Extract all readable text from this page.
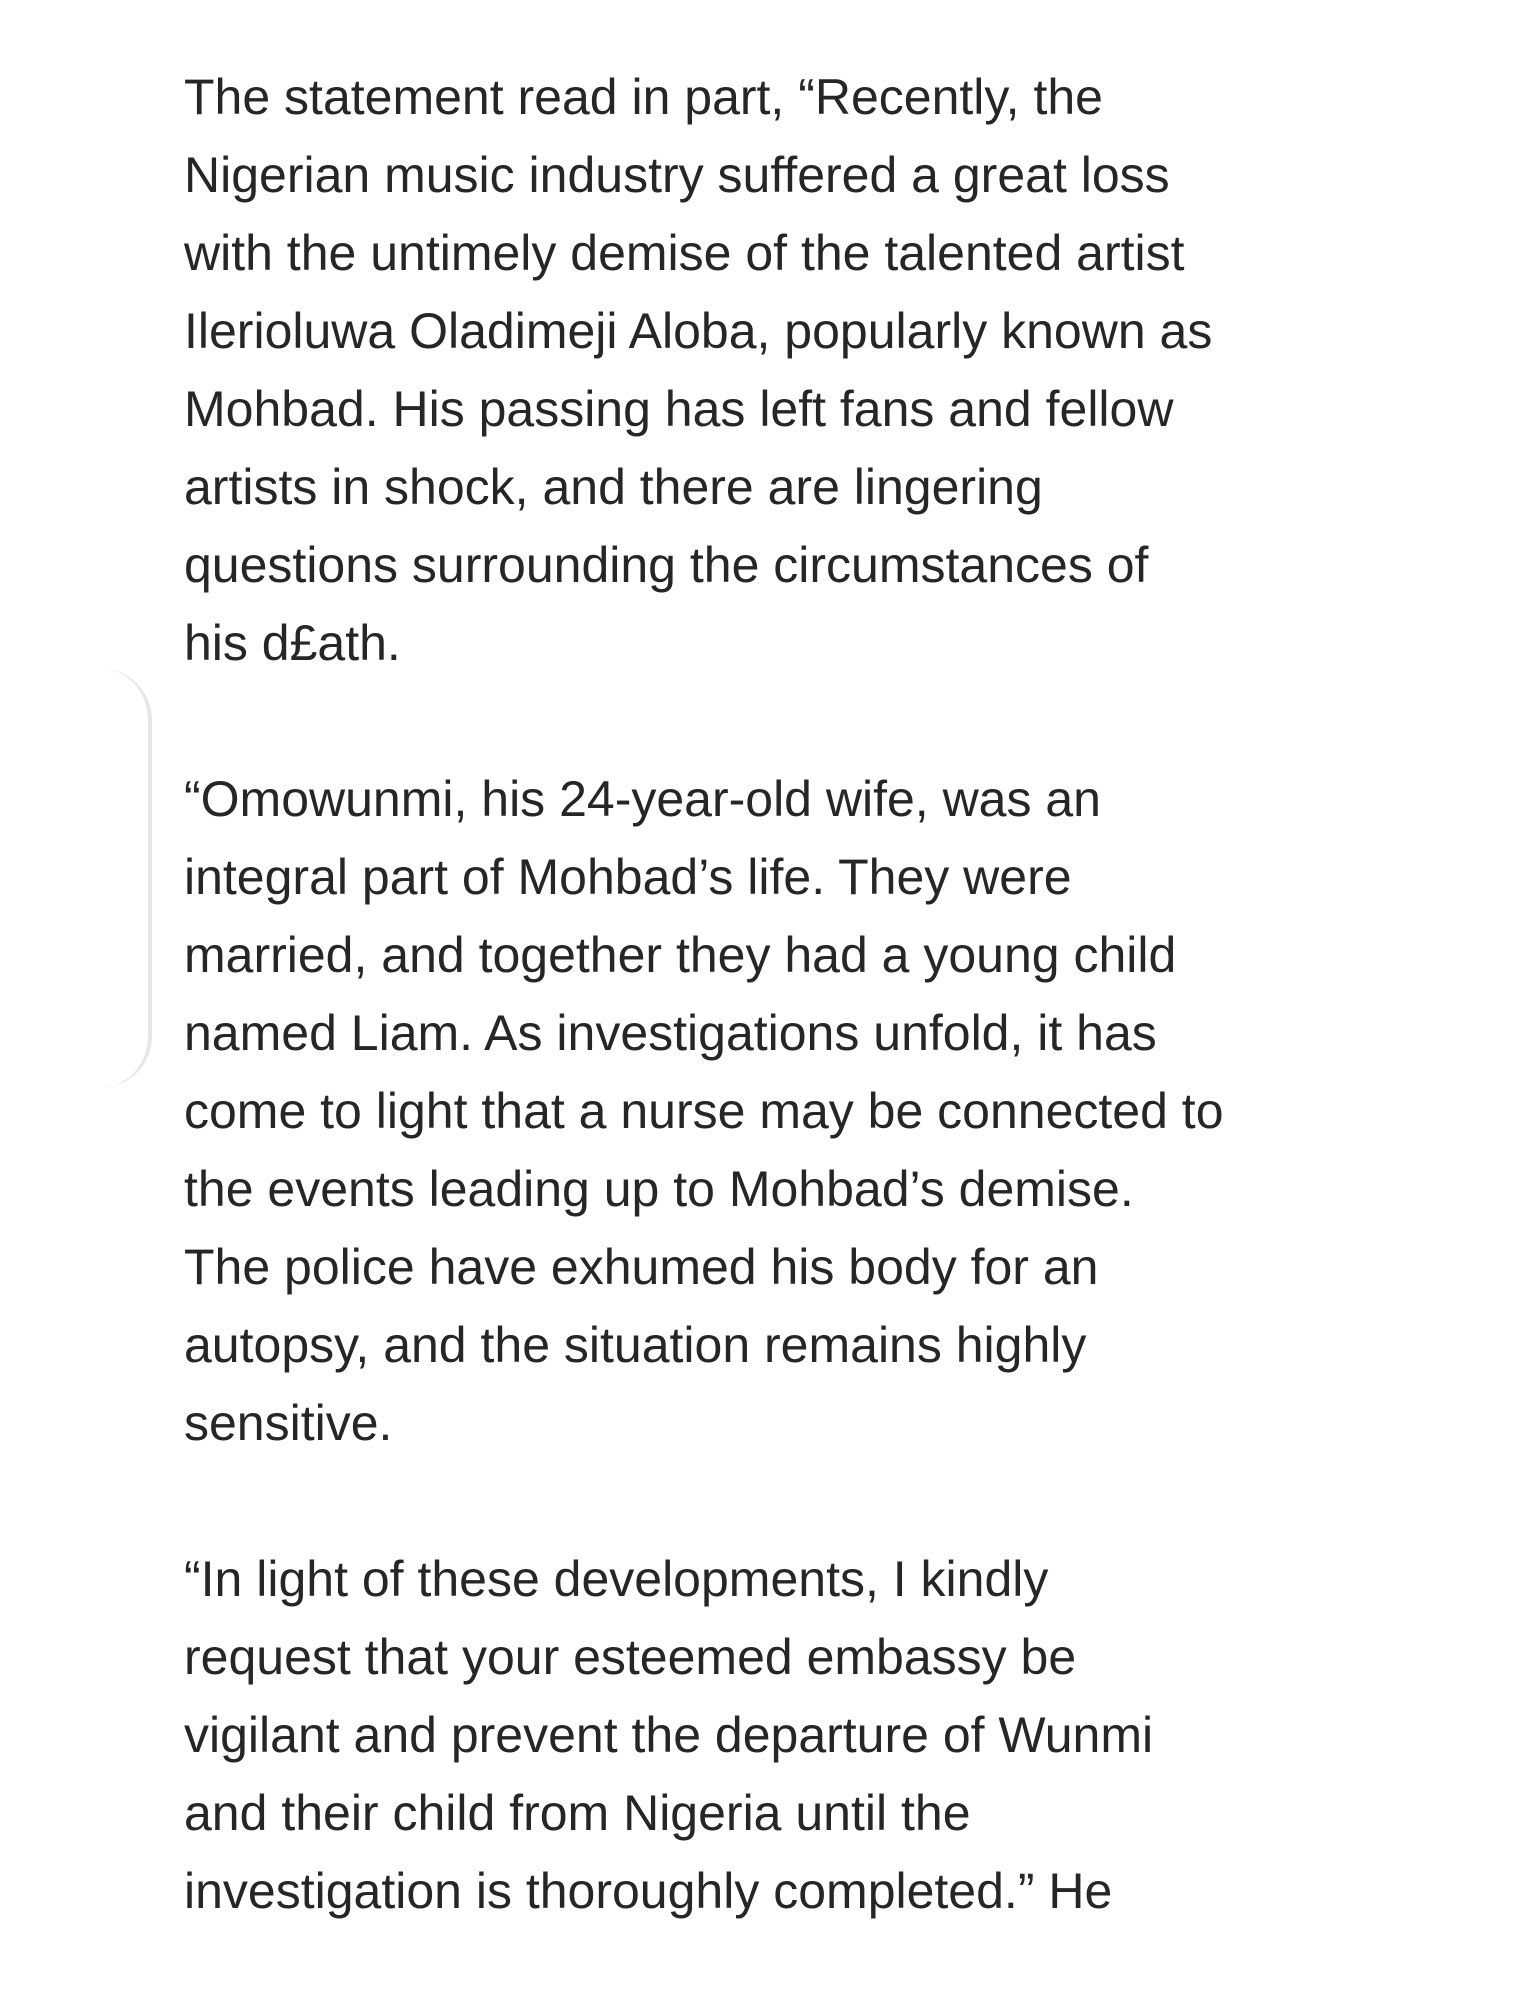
The statement read in part, “Recently, the
Nigerian music industry suffered a great loss
with the untimely demise of the talented artist
Ilerioluwa Oladimeji Aloba, popularly known as
Mohbad. His passing has left fans and fellow
artists in shock, and there are lingering
questions surrounding the circumstances of
his d£ath.

“Omowunmi, his 24-year-old wife, was an
integral part of Mohbad’s life. They were
married, and together they had a young child
named Liam. As investigations unfold, it has
come to light that a nurse may be connected to
the events leading up to Mohbad’s demise.
The police have exhumed his body for an
autopsy, and the situation remains highly
sensitive.

“In light of these developments, I kindly
request that your esteemed embassy be
vigilant and prevent the departure of Wunmi
and their child from Nigeria until the
investigation is thoroughly completed.” He
